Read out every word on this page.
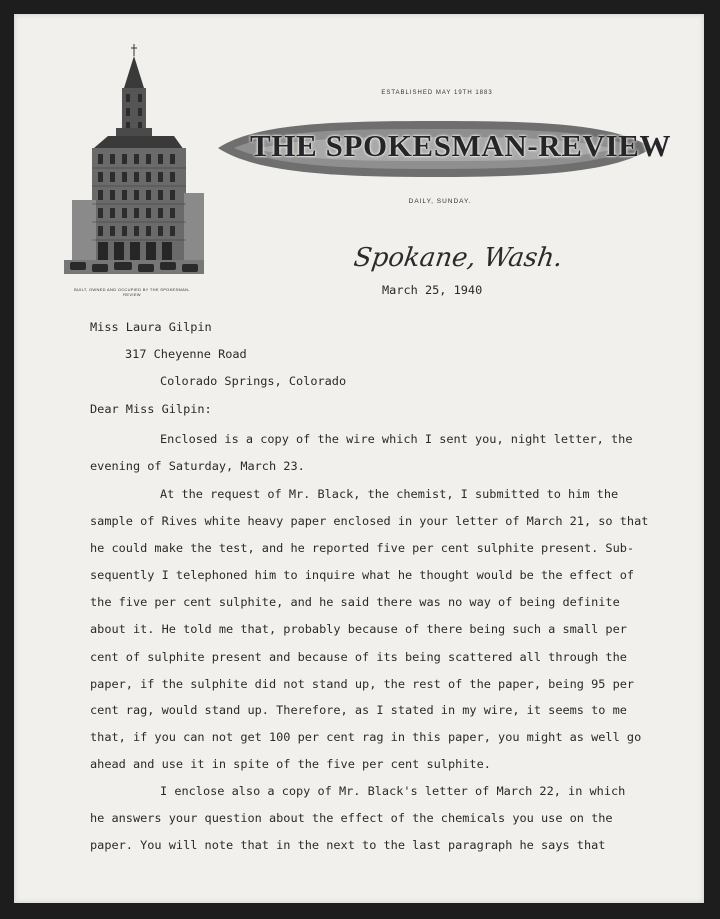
BUILT, OWNED AND OCCUPIED BY THE SPOKESMAN-REVIEW
ESTABLISHED MAY 19TH 1883
THE SPOKESMAN-REVIEW
DAILY, SUNDAY.
Spokane, Wash.
March 25, 1940
Miss Laura Gilpin
317 Cheyenne Road
Colorado Springs, Colorado
Dear Miss Gilpin:
Enclosed is a copy of the wire which I sent you, night letter, the
evening of Saturday, March 23.
At the request of Mr. Black, the chemist, I submitted to him the
sample of Rives white heavy paper enclosed in your letter of March 21, so that
he could make the test, and he reported five per cent sulphite present. Sub-
sequently I telephoned him to inquire what he thought would be the effect of
the five per cent sulphite, and he said there was no way of being definite
about it. He told me that, probably because of there being such a small per
cent of sulphite present and because of its being scattered all through the
paper, if the sulphite did not stand up, the rest of the paper, being 95 per
cent rag, would stand up. Therefore, as I stated in my wire, it seems to me
that, if you can not get 100 per cent rag in this paper, you might as well go
ahead and use it in spite of the five per cent sulphite.
I enclose also a copy of Mr. Black's letter of March 22, in which
he answers your question about the effect of the chemicals you use on the
paper. You will note that in the next to the last paragraph he says that
